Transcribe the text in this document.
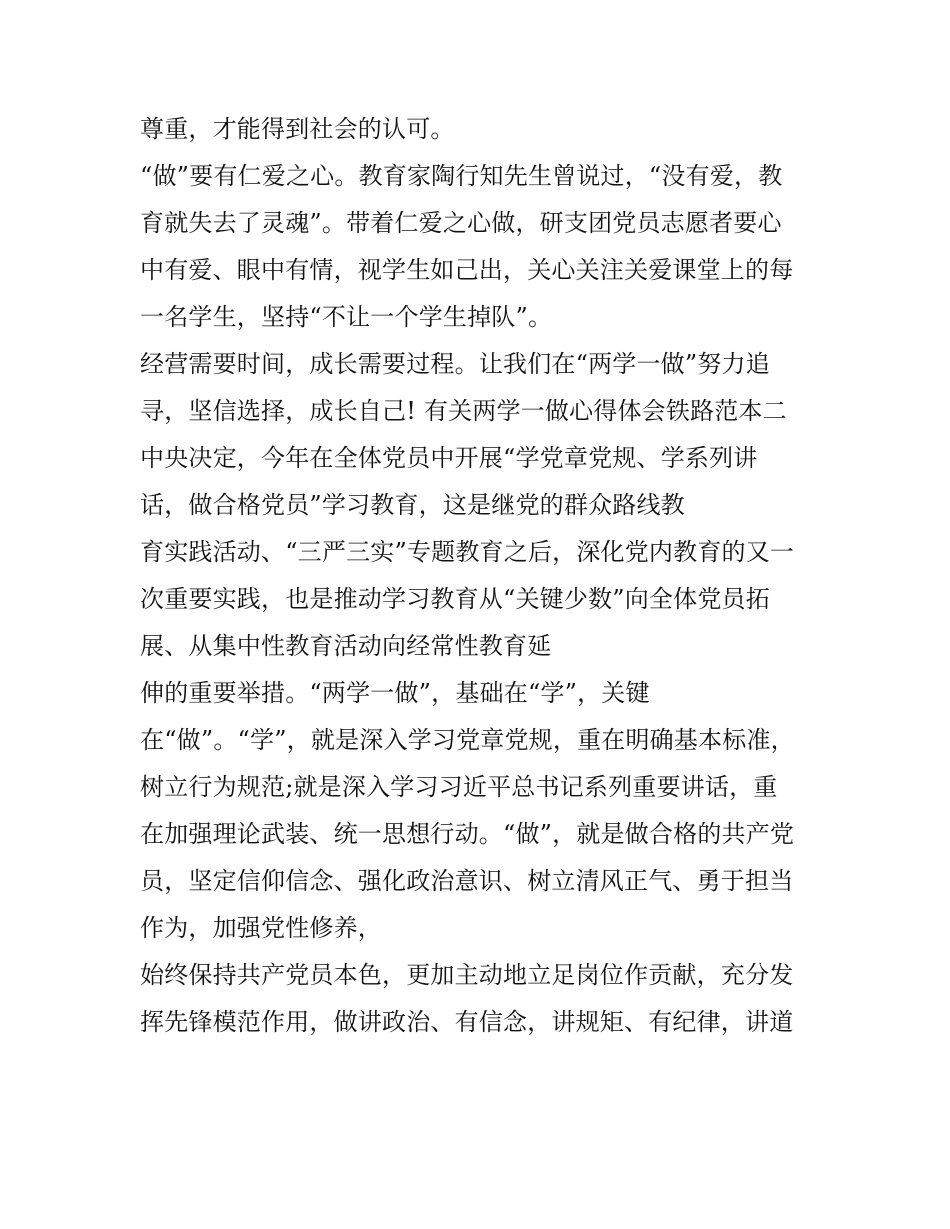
尊重，才能得到社会的认可。
“做”要有仁爱之心。教育家陶行知先生曾说过，“没有爱，教
育就失去了灵魂”。带着仁爱之心做，研支团党员志愿者要心
中有爱、眼中有情，视学生如己出，关心关注关爱课堂上的每
一名学生，坚持“不让一个学生掉队”。
经营需要时间，成长需要过程。让我们在“两学一做”努力追
寻，坚信选择，成长自己! 有关两学一做心得体会铁路范本二
中央决定，今年在全体党员中开展“学党章党规、学系列讲
话，做合格党员”学习教育，这是继党的群众路线教
育实践活动、“三严三实”专题教育之后，深化党内教育的又一
次重要实践，也是推动学习教育从“关键少数”向全体党员拓
展、从集中性教育活动向经常性教育延
伸的重要举措。“两学一做”，基础在“学”，关键
在“做”。“学”，就是深入学习党章党规，重在明确基本标准，
树立行为规范;就是深入学习习近平总书记系列重要讲话，重
在加强理论武装、统一思想行动。“做”，就是做合格的共产党
员，坚定信仰信念、强化政治意识、树立清风正气、勇于担当
作为，加强党性修养，
始终保持共产党员本色，更加主动地立足岗位作贡献，充分发
挥先锋模范作用，做讲政治、有信念，讲规矩、有纪律，讲道
